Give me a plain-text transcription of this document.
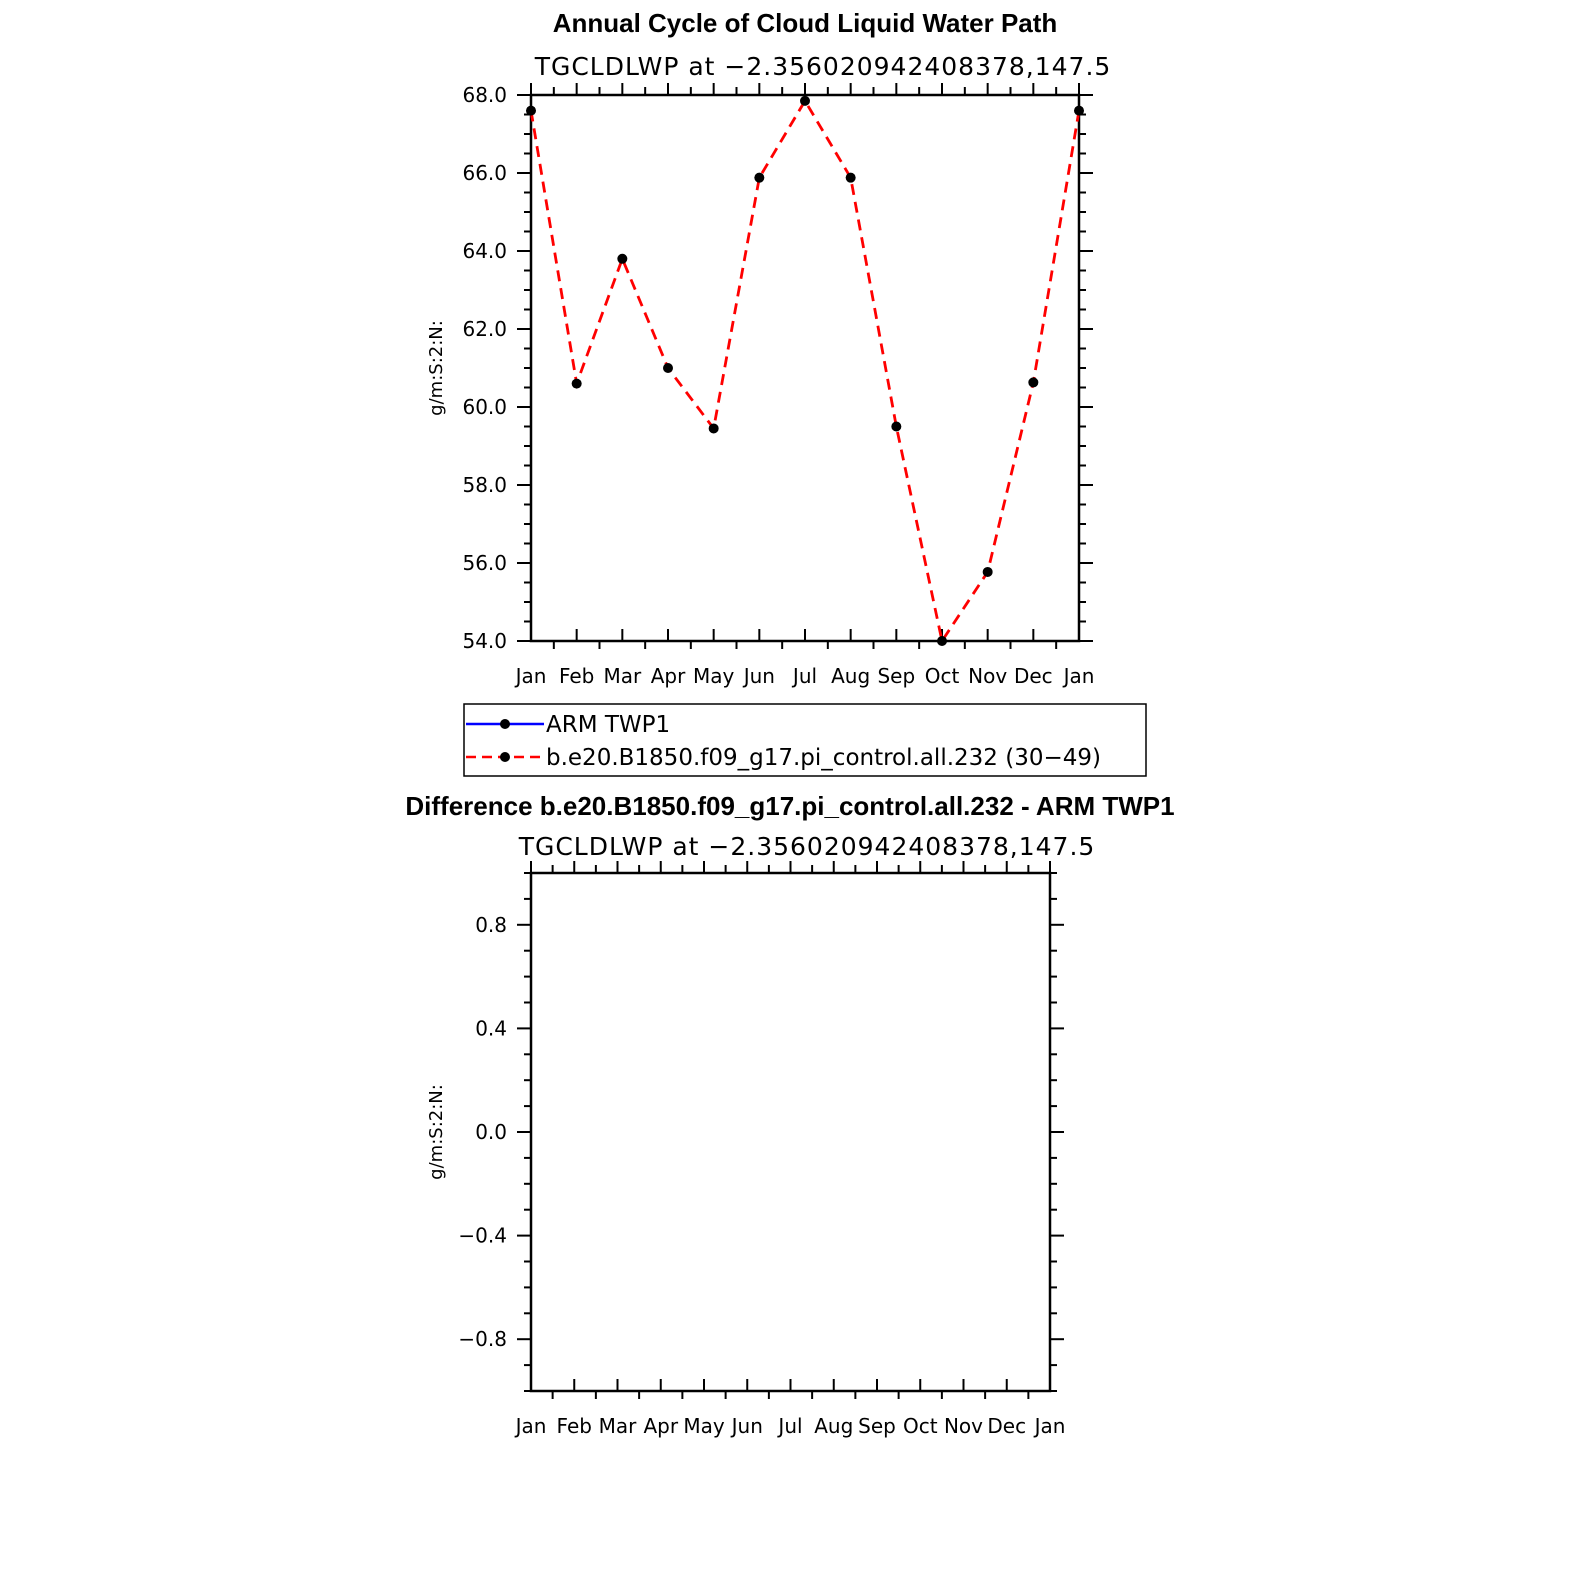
Annual Cycle of Cloud Liquid Water Path
TGCLDLWP at −2.356020942408378,147.5
54.0
56.0
58.0
60.0
62.0
64.0
66.0
68.0
Jan Feb Mar Apr May Jun Jul Aug Sep Oct Nov Dec Jan
g/m:S:2:N:
ARM TWP1
b.e20.B1850.f09_g17.pi_control.all.232 (30−49)
Difference b.e20.B1850.f09_g17.pi_control.all.232 - ARM TWP1
TGCLDLWP at −2.356020942408378,147.5
−0.8
−0.4
0.0
0.4
0.8
Jan Feb Mar Apr May Jun Jul Aug Sep Oct Nov Dec Jan
g/m:S:2:N:
